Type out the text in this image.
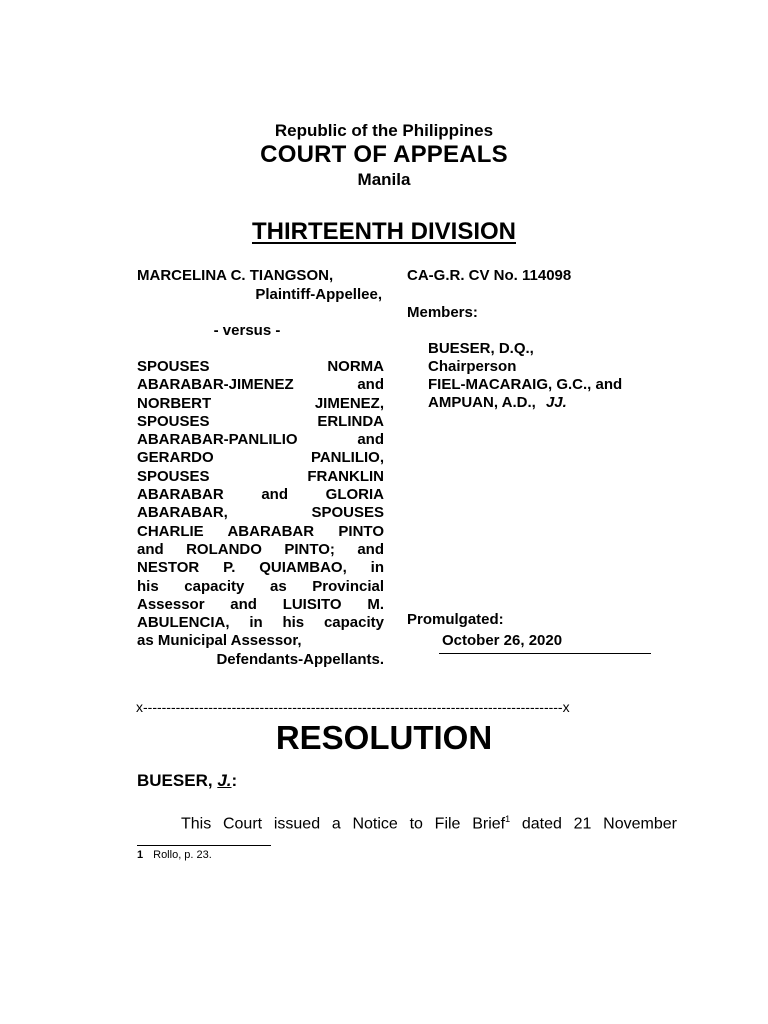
Republic of the Philippines
COURT OF APPEALS
Manila
THIRTEENTH DIVISION
MARCELINA C. TIANGSON,
Plaintiff-Appellee,
- versus -
SPOUSES NORMA
ABARABAR-JIMENEZ and
NORBERT JIMENEZ,
SPOUSES ERLINDA
ABARABAR-PANLILIO and
GERARDO PANLILIO,
SPOUSES FRANKLIN
ABARABAR and GLORIA
ABARABAR, SPOUSES
CHARLIE ABARABAR PINTO
and ROLANDO PINTO; and
NESTOR P. QUIAMBAO, in
his capacity as Provincial
Assessor and LUISITO M.
ABULENCIA, in his capacity
as Municipal Assessor,
Defendants-Appellants.
CA-G.R. CV No. 114098
Members:
BUESER, D.Q.,
Chairperson
FIEL-MACARAIG, G.C., and
AMPUAN, A.D., JJ.
Promulgated:
October 26, 2020
x------------------------------------------------------------------------------------------x
RESOLUTION
BUESER, J.:
This Court issued a Notice to File Brief$^1$ dated 21 November
1 Rollo, p. 23.
